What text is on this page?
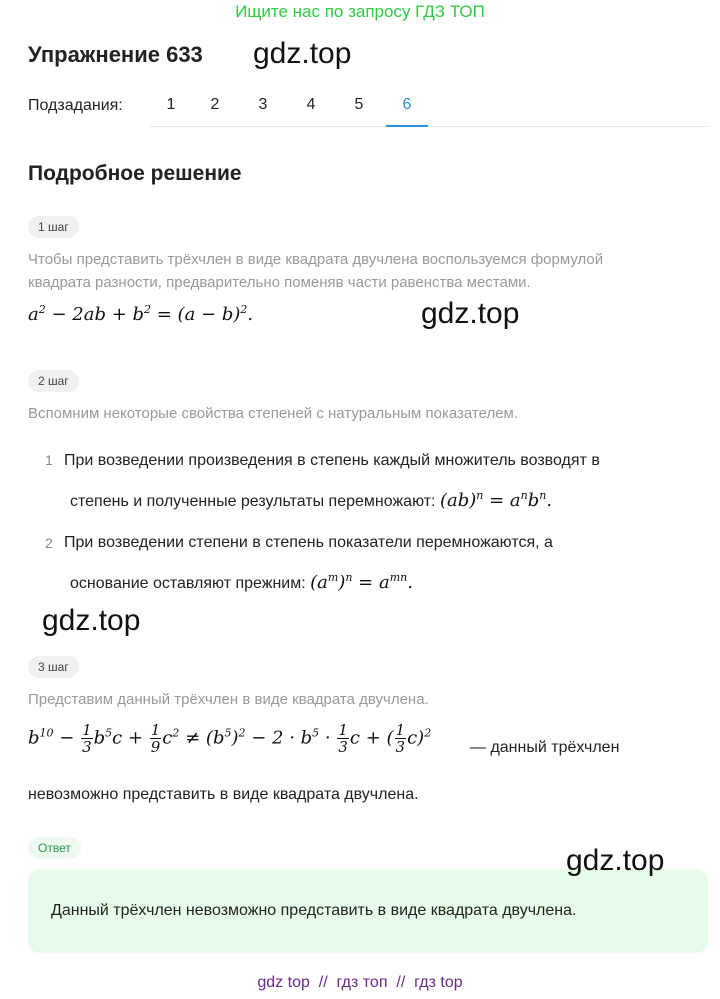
Ищите нас по запросу ГДЗ ТОП
Упражнение 633 gdz.top
Подзадания:	1	2	3	4	5	6
Подробное решение
1 шаг
Чтобы представить трёхчлен в виде квадрата двучлена воспользуемся формулой квадрата разности, предварительно поменяв части равенства местами.
$a^2 - 2ab + b^2 = (a - b)^2$.	gdz.top
2 шаг
Вспомним некоторые свойства степеней с натуральным показателем.
1 При возведении произведения в степень каждый множитель возводят в
степень и полученные результаты перемножают: $(ab)^n = a^nb^n$.
2 При возведении степени в степень показатели перемножаются, а
основание оставляют прежним: $(a^m)^n = a^{mn}$.
gdz.top
3 шаг
Представим данный трёхчлен в виде квадрата двучлена.
$b^{10} - \frac{1}{3} b^5c + \frac{1}{9} c^2 \ne (b^5)^2 - 2 \cdot b^5 \cdot \frac{1}{3}$ c + ( $\frac{1}{3} c)^2$
— данный трёхчлен
невозможно представить в виде квадрата двучлена.
Ответ
Данный трёхчлен невозможно представить в виде квадрата двучлена.
gdz.top
gdz top  //  гдз топ  //  гдз top
